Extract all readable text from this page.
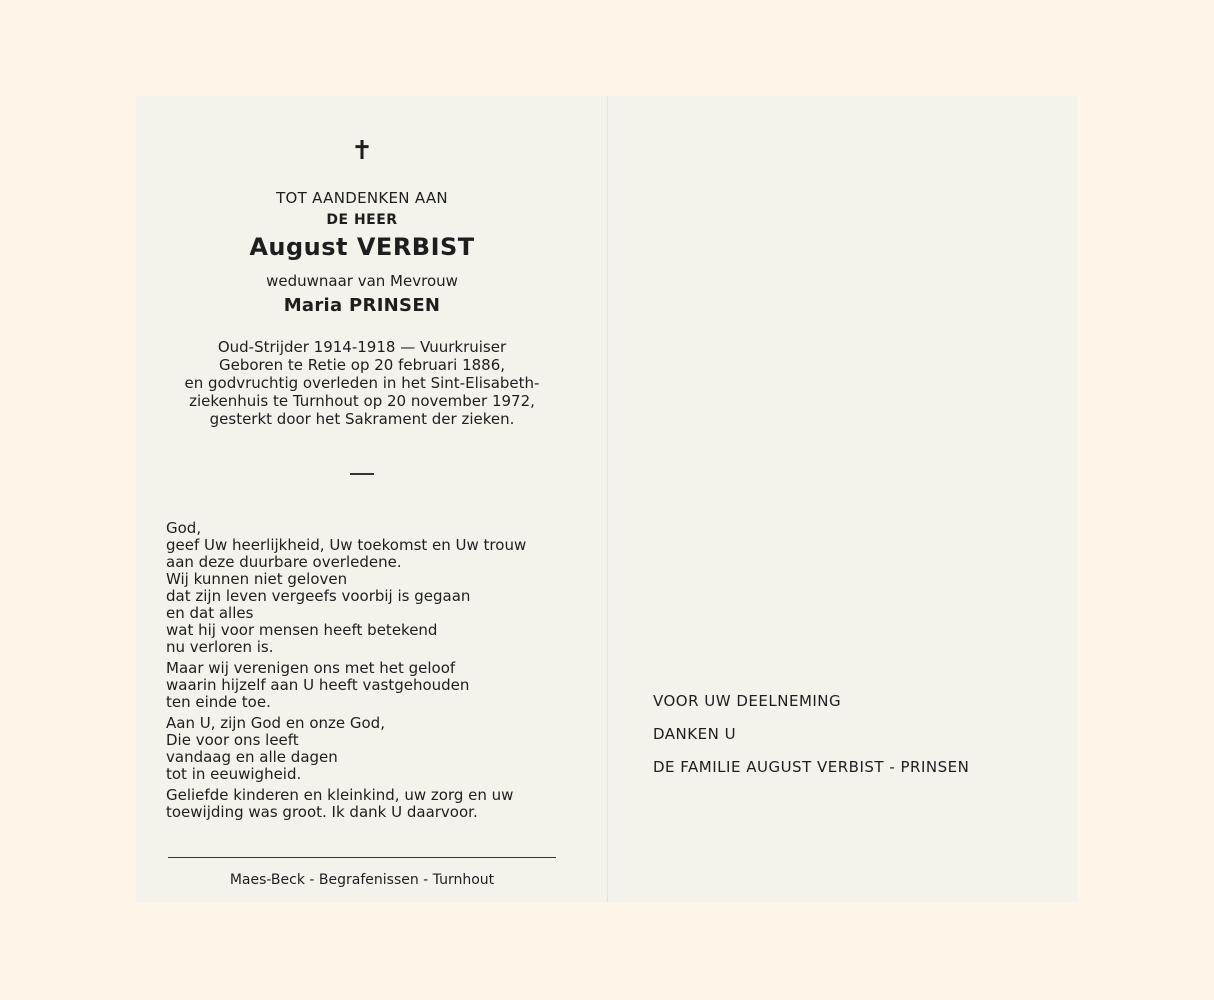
✝
TOT AANDENKEN AAN
DE HEER
August VERBIST
weduwnaar van Mevrouw
Maria PRINSEN
Oud-Strijder 1914-1918 — Vuurkruiser
Geboren te Retie op 20 februari 1886,
en godvruchtig overleden in het Sint-Elisabeth-
ziekenhuis te Turnhout op 20 november 1972,
gesterkt door het Sakrament der zieken.
God,
geef Uw heerlijkheid, Uw toekomst en Uw trouw
aan deze duurbare overledene.
Wij kunnen niet geloven
dat zijn leven vergeefs voorbij is gegaan
en dat alles
wat hij voor mensen heeft betekend
nu verloren is.
Maar wij verenigen ons met het geloof
waarin hijzelf aan U heeft vastgehouden
ten einde toe.
Aan U, zijn God en onze God,
Die voor ons leeft
vandaag en alle dagen
tot in eeuwigheid.
Geliefde kinderen en kleinkind, uw zorg en uw
toewijding was groot. Ik dank U daarvoor.
Maes-Beck - Begrafenissen - Turnhout
VOOR UW DEELNEMING
DANKEN U
DE FAMILIE AUGUST VERBIST - PRINSEN
